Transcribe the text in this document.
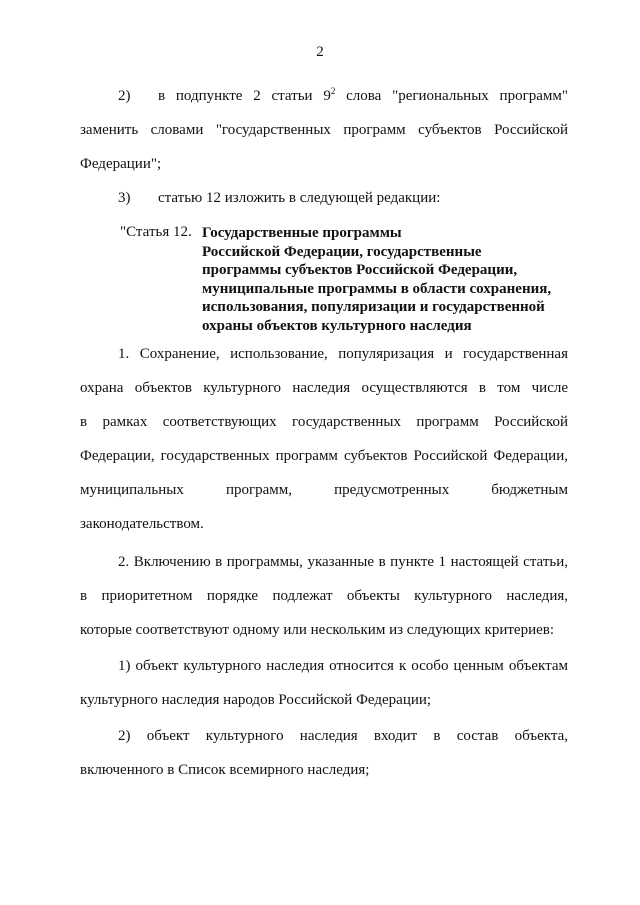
2
2) в подпункте 2 статьи $9^2$ слова "региональных программ"
заменить словами "государственных программ субъектов Российской
Федерации";
3) статью 12 изложить в следующей редакции:
"Статья 12. Государственные программы
Российской Федерации, государственные
программы субъектов Российской Федерации,
муниципальные программы в области сохранения,
использования, популяризации и государственной
охраны объектов культурного наследия
1. Сохранение, использование, популяризация и государственная
охрана объектов культурного наследия осуществляются в том числе
в рамках соответствующих государственных программ Российской
Федерации, государственных программ субъектов Российской Федерации,
муниципальных программ, предусмотренных бюджетным
законодательством.
2. Включению в программы, указанные в пункте 1 настоящей статьи,
в приоритетном порядке подлежат объекты культурного наследия,
которые соответствуют одному или нескольким из следующих критериев:
1) объект культурного наследия относится к особо ценным объектам
культурного наследия народов Российской Федерации;
2) объект культурного наследия входит в состав объекта,
включенного в Список всемирного наследия;
